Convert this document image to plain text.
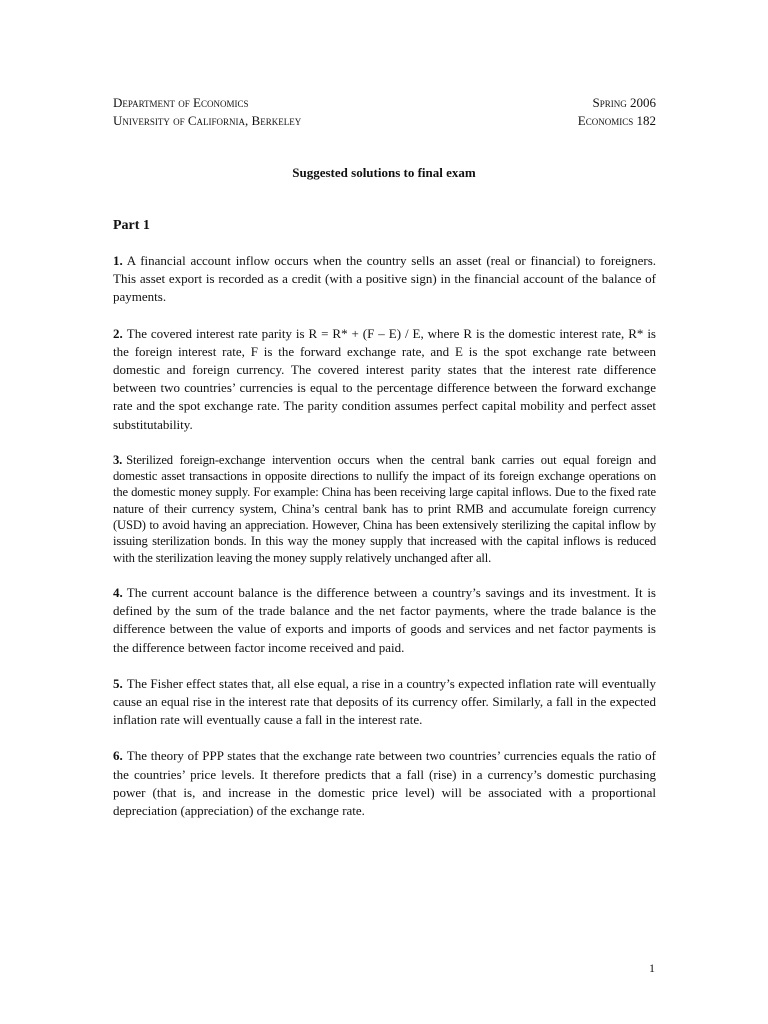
Department of Economics	Spring 2006
University of California, Berkeley	Economics 182
Suggested solutions to final exam
Part 1

1. A financial account inflow occurs when the country sells an asset (real or financial) to foreigners. This asset export is recorded as a credit (with a positive sign) in the financial account of the balance of payments.

2. The covered interest rate parity is R = R* + (F – E) / E, where R is the domestic interest rate, R* is the foreign interest rate, F is the forward exchange rate, and E is the spot exchange rate between domestic and foreign currency. The covered interest parity states that the interest rate difference between two countries’ currencies is equal to the percentage difference between the forward exchange rate and the spot exchange rate. The parity condition assumes perfect capital mobility and perfect asset substitutability.

3. Sterilized foreign-exchange intervention occurs when the central bank carries out equal foreign and domestic asset transactions in opposite directions to nullify the impact of its foreign exchange operations on the domestic money supply. For example: China has been receiving large capital inflows. Due to the fixed rate nature of their currency system, China’s central bank has to print RMB and accumulate foreign currency (USD) to avoid having an appreciation. However, China has been extensively sterilizing the capital inflow by issuing sterilization bonds. In this way the money supply that increased with the capital inflows is reduced with the sterilization leaving the money supply relatively unchanged after all.

4. The current account balance is the difference between a country’s savings and its investment. It is defined by the sum of the trade balance and the net factor payments, where the trade balance is the difference between the value of exports and imports of goods and services and net factor payments is the difference between factor income received and paid.

5. The Fisher effect states that, all else equal, a rise in a country’s expected inflation rate will eventually cause an equal rise in the interest rate that deposits of its currency offer. Similarly, a fall in the expected inflation rate will eventually cause a fall in the interest rate.

6. The theory of PPP states that the exchange rate between two countries’ currencies equals the ratio of the countries’ price levels. It therefore predicts that a fall (rise) in a currency’s domestic purchasing power (that is, and increase in the domestic price level) will be associated with a proportional depreciation (appreciation) of the exchange rate.

1
